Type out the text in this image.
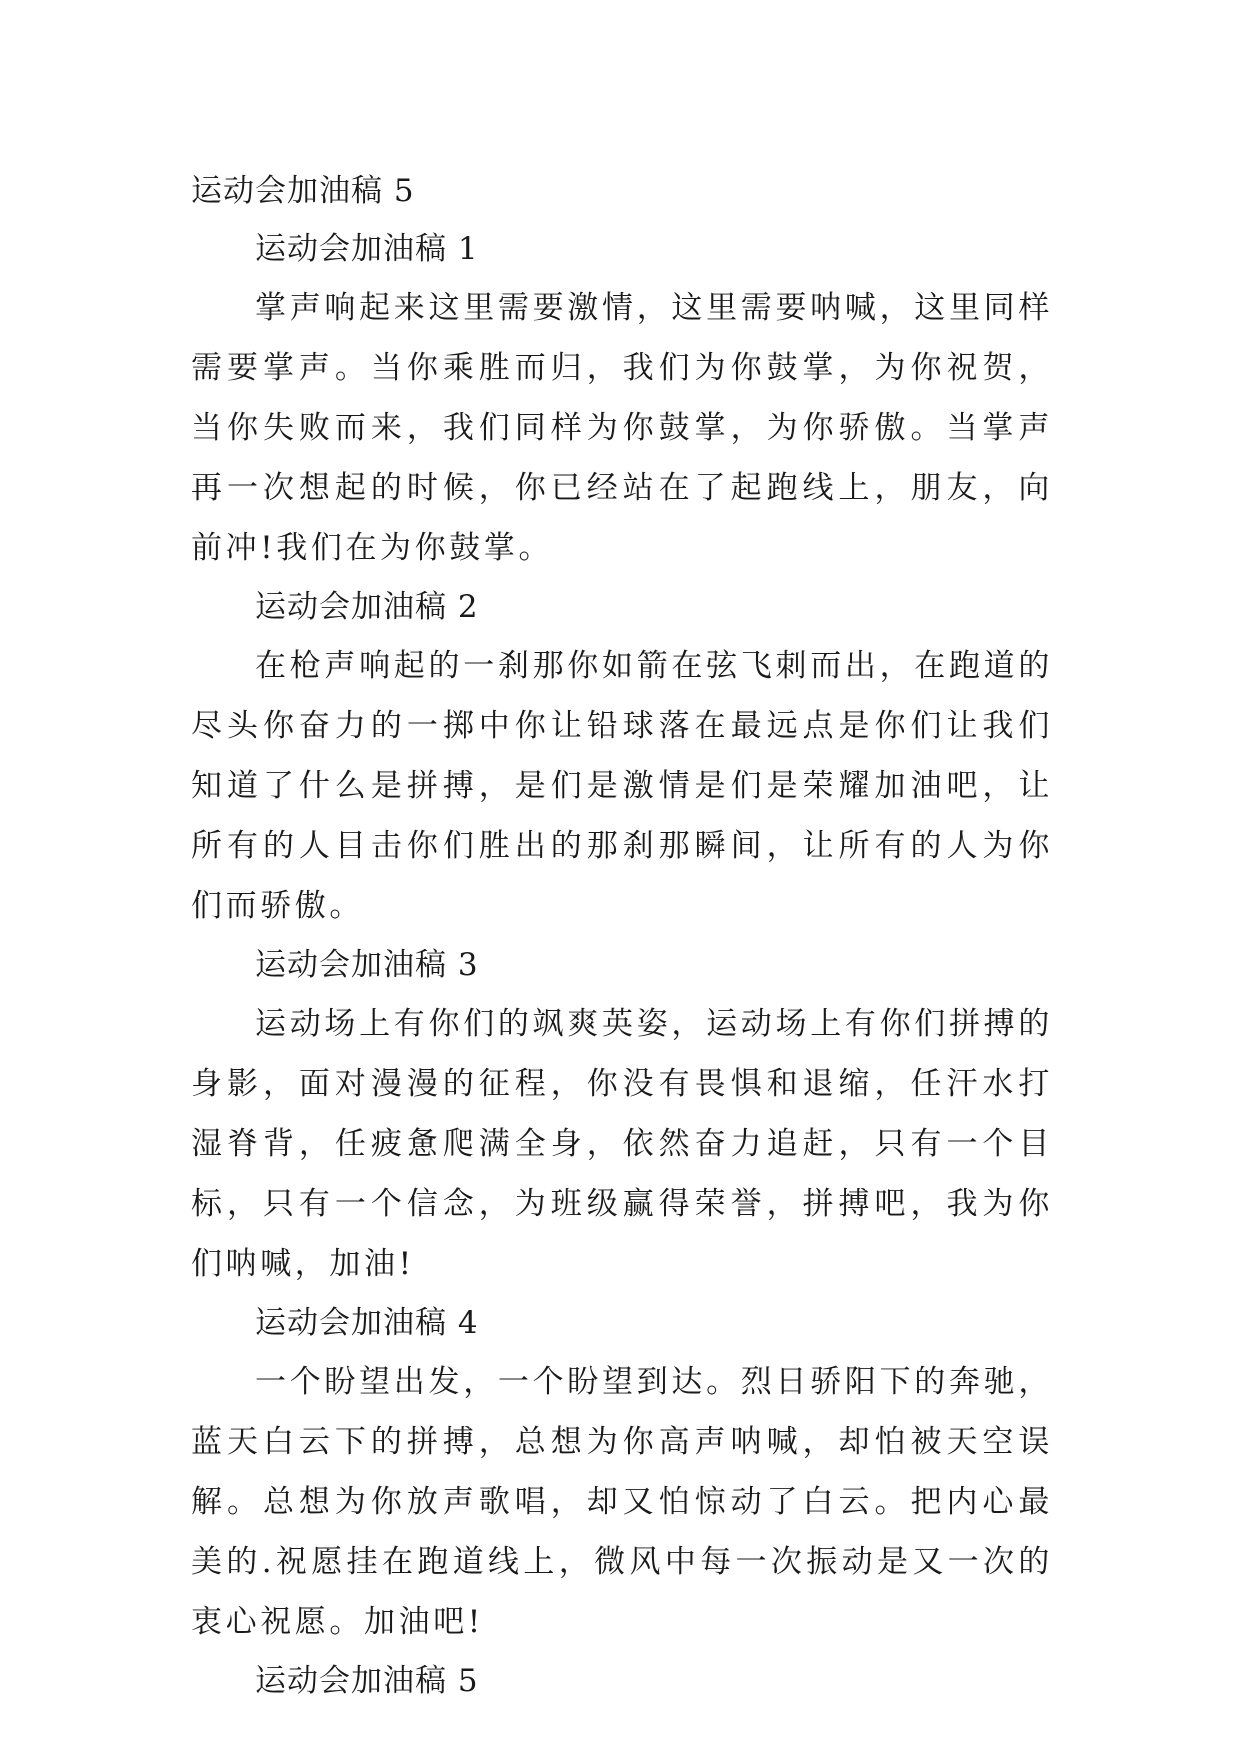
运动会加油稿 5
运动会加油稿 1

掌声响起来这里需要激情，这里需要呐喊，这里同样需要掌声。当你乘胜而归，我们为你鼓掌，为你祝贺，当你失败而来，我们同样为你鼓掌，为你骄傲。当掌声再一次想起的时候，你已经站在了起跑线上，朋友，向前冲!我们在为你鼓掌。

运动会加油稿 2

在枪声响起的一刹那你如箭在弦飞刺而出，在跑道的尽头你奋力的一掷中你让铅球落在最远点是你们让我们知道了什么是拼搏，是们是激情是们是荣耀加油吧，让所有的人目击你们胜出的那刹那瞬间，让所有的人为你们而骄傲。

运动会加油稿 3

运动场上有你们的飒爽英姿，运动场上有你们拼搏的身影，面对漫漫的征程，你没有畏惧和退缩，任汗水打湿脊背，任疲惫爬满全身，依然奋力追赶，只有一个目标，只有一个信念，为班级赢得荣誉，拼搏吧，我为你们呐喊，加油!

运动会加油稿 4

一个盼望出发，一个盼望到达。烈日骄阳下的奔驰，蓝天白云下的拼搏，总想为你高声呐喊，却怕被天空误解。总想为你放声歌唱，却又怕惊动了白云。把内心最美的.祝愿挂在跑道线上，微风中每一次振动是又一次的衷心祝愿。加油吧!

运动会加油稿 5
